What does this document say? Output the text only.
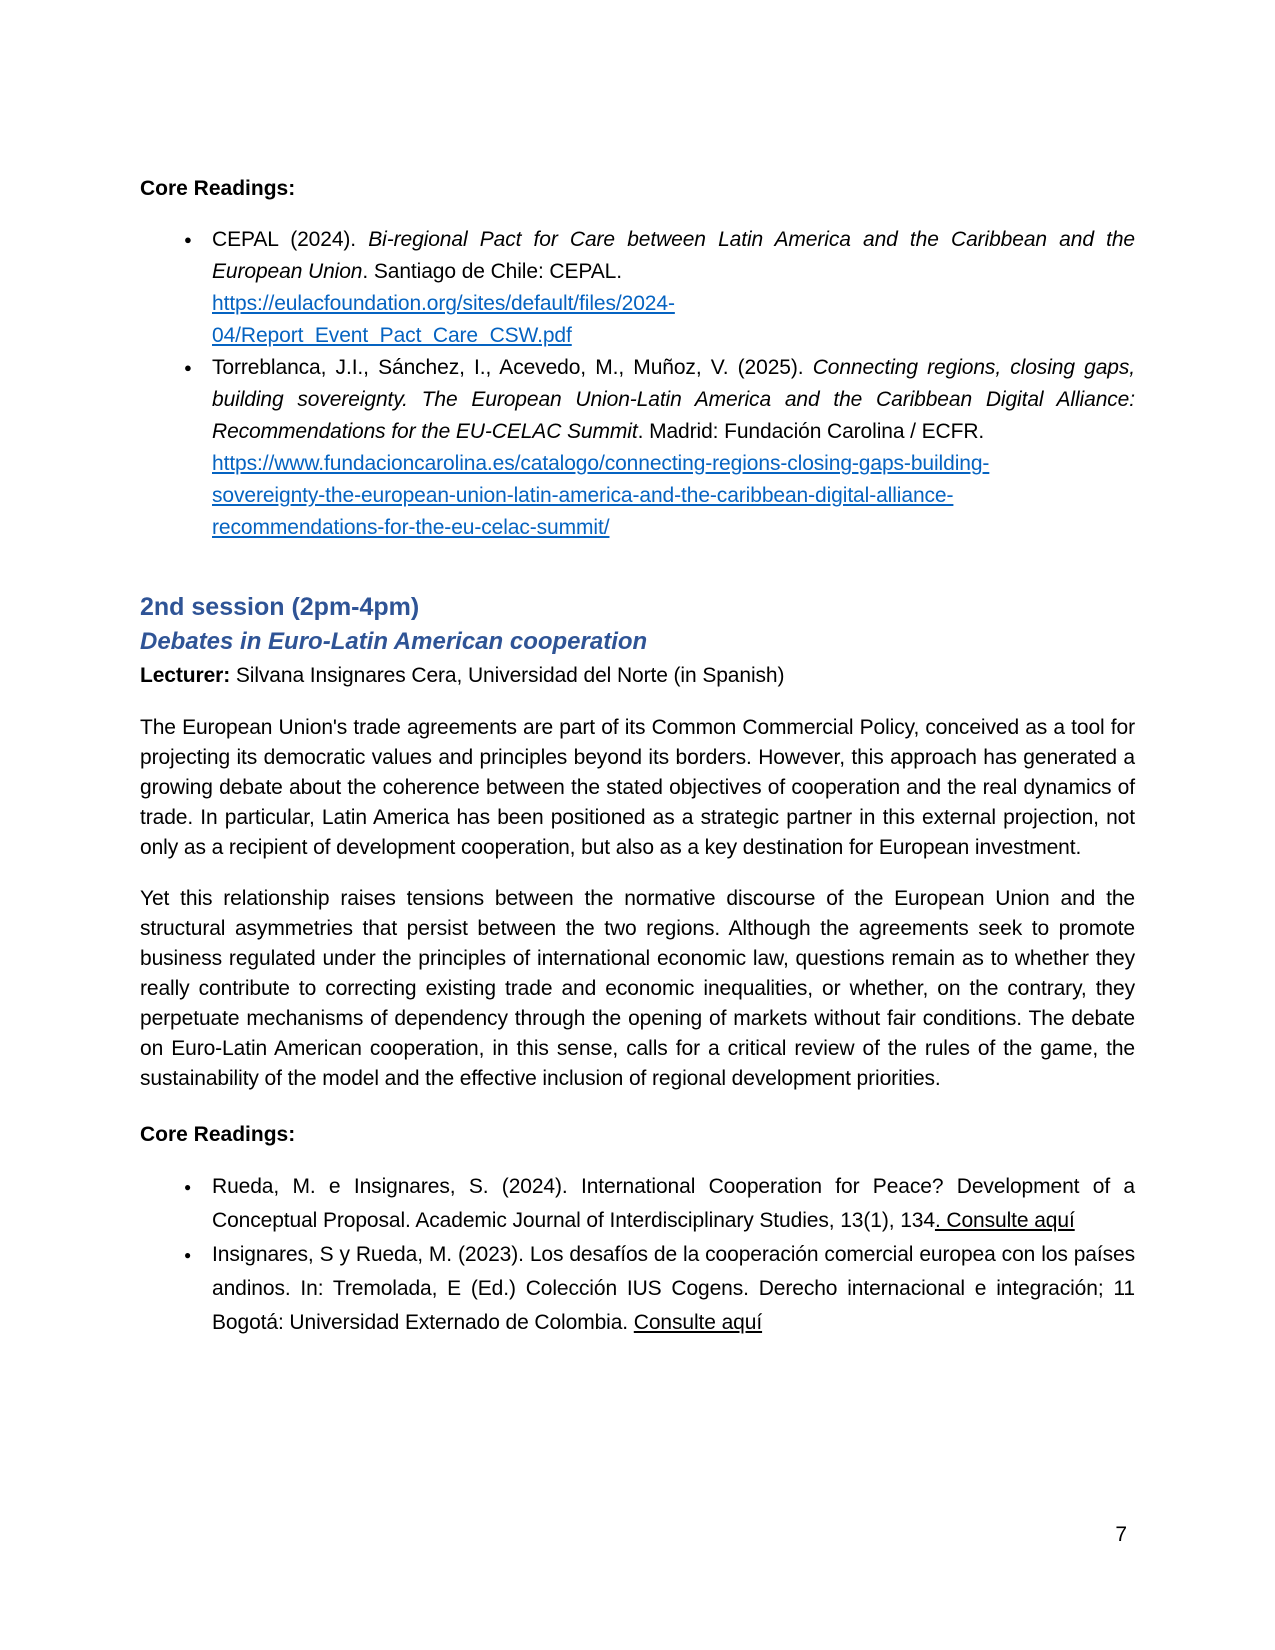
Core Readings:
● CEPAL (2024). Bi-regional Pact for Care between Latin America and the Caribbean and the European Union. Santiago de Chile: CEPAL.
https://eulacfoundation.org/sites/default/files/2024-
04/Report_Event_Pact_Care_CSW.pdf
● Torreblanca, J.I., Sánchez, I., Acevedo, M., Muñoz, V. (2025). Connecting regions, closing gaps, building sovereignty. The European Union-Latin America and the Caribbean Digital Alliance: Recommendations for the EU-CELAC Summit. Madrid: Fundación Carolina / ECFR.
https://www.fundacioncarolina.es/catalogo/connecting-regions-closing-gaps-building-
sovereignty-the-european-union-latin-america-and-the-caribbean-digital-alliance-
recommendations-for-the-eu-celac-summit/
2nd session (2pm-4pm)
Debates in Euro-Latin American cooperation

Lecturer: Silvana Insignares Cera, Universidad del Norte (in Spanish)

The European Union's trade agreements are part of its Common Commercial Policy, conceived as a tool for projecting its democratic values and principles beyond its borders. However, this approach has generated a growing debate about the coherence between the stated objectives of cooperation and the real dynamics of trade. In particular, Latin America has been positioned as a strategic partner in this external projection, not only as a recipient of development cooperation, but also as a key destination for European investment.

Yet this relationship raises tensions between the normative discourse of the European Union and the structural asymmetries that persist between the two regions. Although the agreements seek to promote business regulated under the principles of international economic law, questions remain as to whether they really contribute to correcting existing trade and economic inequalities, or whether, on the contrary, they perpetuate mechanisms of dependency through the opening of markets without fair conditions. The debate on Euro-Latin American cooperation, in this sense, calls for a critical review of the rules of the game, the sustainability of the model and the effective inclusion of regional development priorities.

Core Readings:
● Rueda, M. e Insignares, S. (2024). International Cooperation for Peace? Development of a Conceptual Proposal. Academic Journal of Interdisciplinary Studies, 13(1), 134. Consulte aquí
● Insignares, S y Rueda, M. (2023). Los desafíos de la cooperación comercial europea con los países andinos. In: Tremolada, E (Ed.) Colección IUS Cogens. Derecho internacional e integración; 11 Bogotá: Universidad Externado de Colombia. Consulte aquí
7
